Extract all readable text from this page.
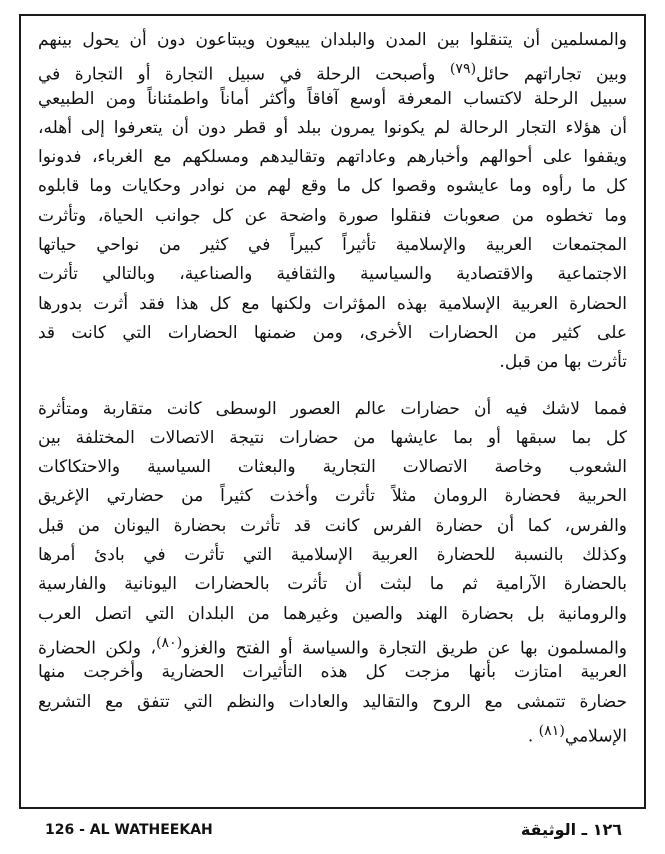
والمسلمين أن يتنقلوا بين المدن والبلدان يبيعون ويبتاعون دون أن يحول بينهم
وبين تجاراتهم حائل$^{(٧٩)}$ وأصبحت الرحلة في سبيل التجارة أو التجارة في
سبيل الرحلة لاكتساب المعرفة أوسع آفاقاً وأكثر أماناً واطمئناناً ومن الطبيعي
أن هؤلاء التجار الرحالة لم يكونوا يمرون ببلد أو قطر دون أن يتعرفوا إلى أهله،
ويقفوا على أحوالهم وأخبارهم وعاداتهم وتقاليدهم ومسلكهم مع الغرباء، فدونوا
كل ما رأوه وما عايشوه وقصوا كل ما وقع لهم من نوادر وحكايات وما قابلوه
وما تخطوه من صعوبات فنقلوا صورة واضحة عن كل جوانب الحياة، وتأثرت
المجتمعات العربية والإسلامية تأثيراً كبيراً في كثير من نواحي حياتها
الاجتماعية والاقتصادية والسياسية والثقافية والصناعية، وبالتالي تأثرت
الحضارة العربية الإسلامية بهذه المؤثرات ولكنها مع كل هذا فقد أثرت بدورها
على كثير من الحضارات الأخرى، ومن ضمنها الحضارات التي كانت قد
تأثرت بها من قبل.
فمما لاشك فيه أن حضارات عالم العصور الوسطى كانت متقاربة ومتأثرة
كل بما سبقها أو بما عايشها من حضارات نتيجة الاتصالات المختلفة بين
الشعوب وخاصة الاتصالات التجارية والبعثات السياسية والاحتكاكات
الحربية فحضارة الرومان مثلاً تأثرت وأخذت كثيراً من حضارتي الإغريق
والفرس، كما أن حضارة الفرس كانت قد تأثرت بحضارة اليونان من قبل
وكذلك بالنسبة للحضارة العربية الإسلامية التي تأثرت في بادئ أمرها
بالحضارة الآرامية ثم ما لبثت أن تأثرت بالحضارات اليونانية والفارسية
والرومانية بل بحضارة الهند والصين وغيرهما من البلدان التي اتصل العرب
والمسلمون بها عن طريق التجارة والسياسة أو الفتح والغزو$^{(٨٠)}$، ولكن الحضارة
العربية امتازت بأنها مزجت كل هذه التأثيرات الحضارية وأخرجت منها
حضارة تتمشى مع الروح والتقاليد والعادات والنظم التي تتفق مع التشريع
الإسلامي$^{(٨١)}$ .
126 - AL WATHEEKAH	١٢٦ ـ الوثيقة
